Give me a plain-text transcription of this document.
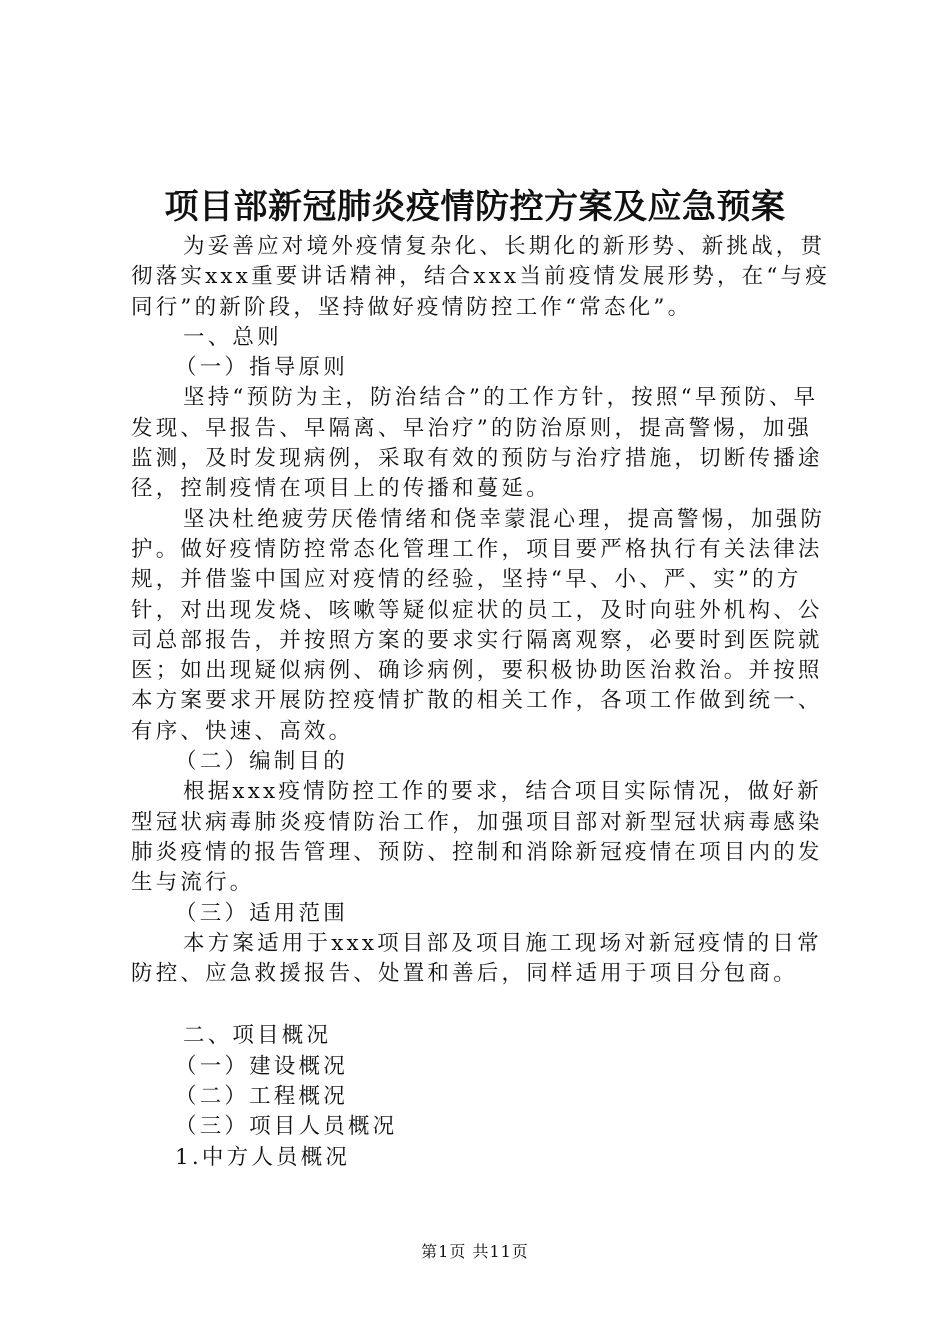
项目部新冠肺炎疫情防控方案及应急预案

为妥善应对境外疫情复杂化、长期化的新形势、新挑战，贯彻落实xxx重要讲话精神，结合xxx当前疫情发展形势，在“与疫同行”的新阶段，坚持做好疫情防控工作“常态化”。

一、总则

（一）指导原则

坚持“预防为主，防治结合”的工作方针，按照“早预防、早发现、早报告、早隔离、早治疗”的防治原则，提高警惕，加强监测，及时发现病例，采取有效的预防与治疗措施，切断传播途径，控制疫情在项目上的传播和蔓延。

坚决杜绝疲劳厌倦情绪和侥幸蒙混心理，提高警惕，加强防护。做好疫情防控常态化管理工作，项目要严格执行有关法律法规，并借鉴中国应对疫情的经验，坚持“早、小、严、实”的方针，对出现发烧、咳嗽等疑似症状的员工，及时向驻外机构、公司总部报告，并按照方案的要求实行隔离观察，必要时到医院就医；如出现疑似病例、确诊病例，要积极协助医治救治。并按照本方案要求开展防控疫情扩散的相关工作，各项工作做到统一、有序、快速、高效。

（二）编制目的

根据xxx疫情防控工作的要求，结合项目实际情况，做好新型冠状病毒肺炎疫情防治工作，加强项目部对新型冠状病毒感染肺炎疫情的报告管理、预防、控制和消除新冠疫情在项目内的发生与流行。

（三）适用范围

本方案适用于xxx项目部及项目施工现场对新冠疫情的日常防控、应急救援报告、处置和善后，同样适用于项目分包商。

二、项目概况

（一）建设概况

（二）工程概况

（三）项目人员概况

1.中方人员概况

第1页 共11页
